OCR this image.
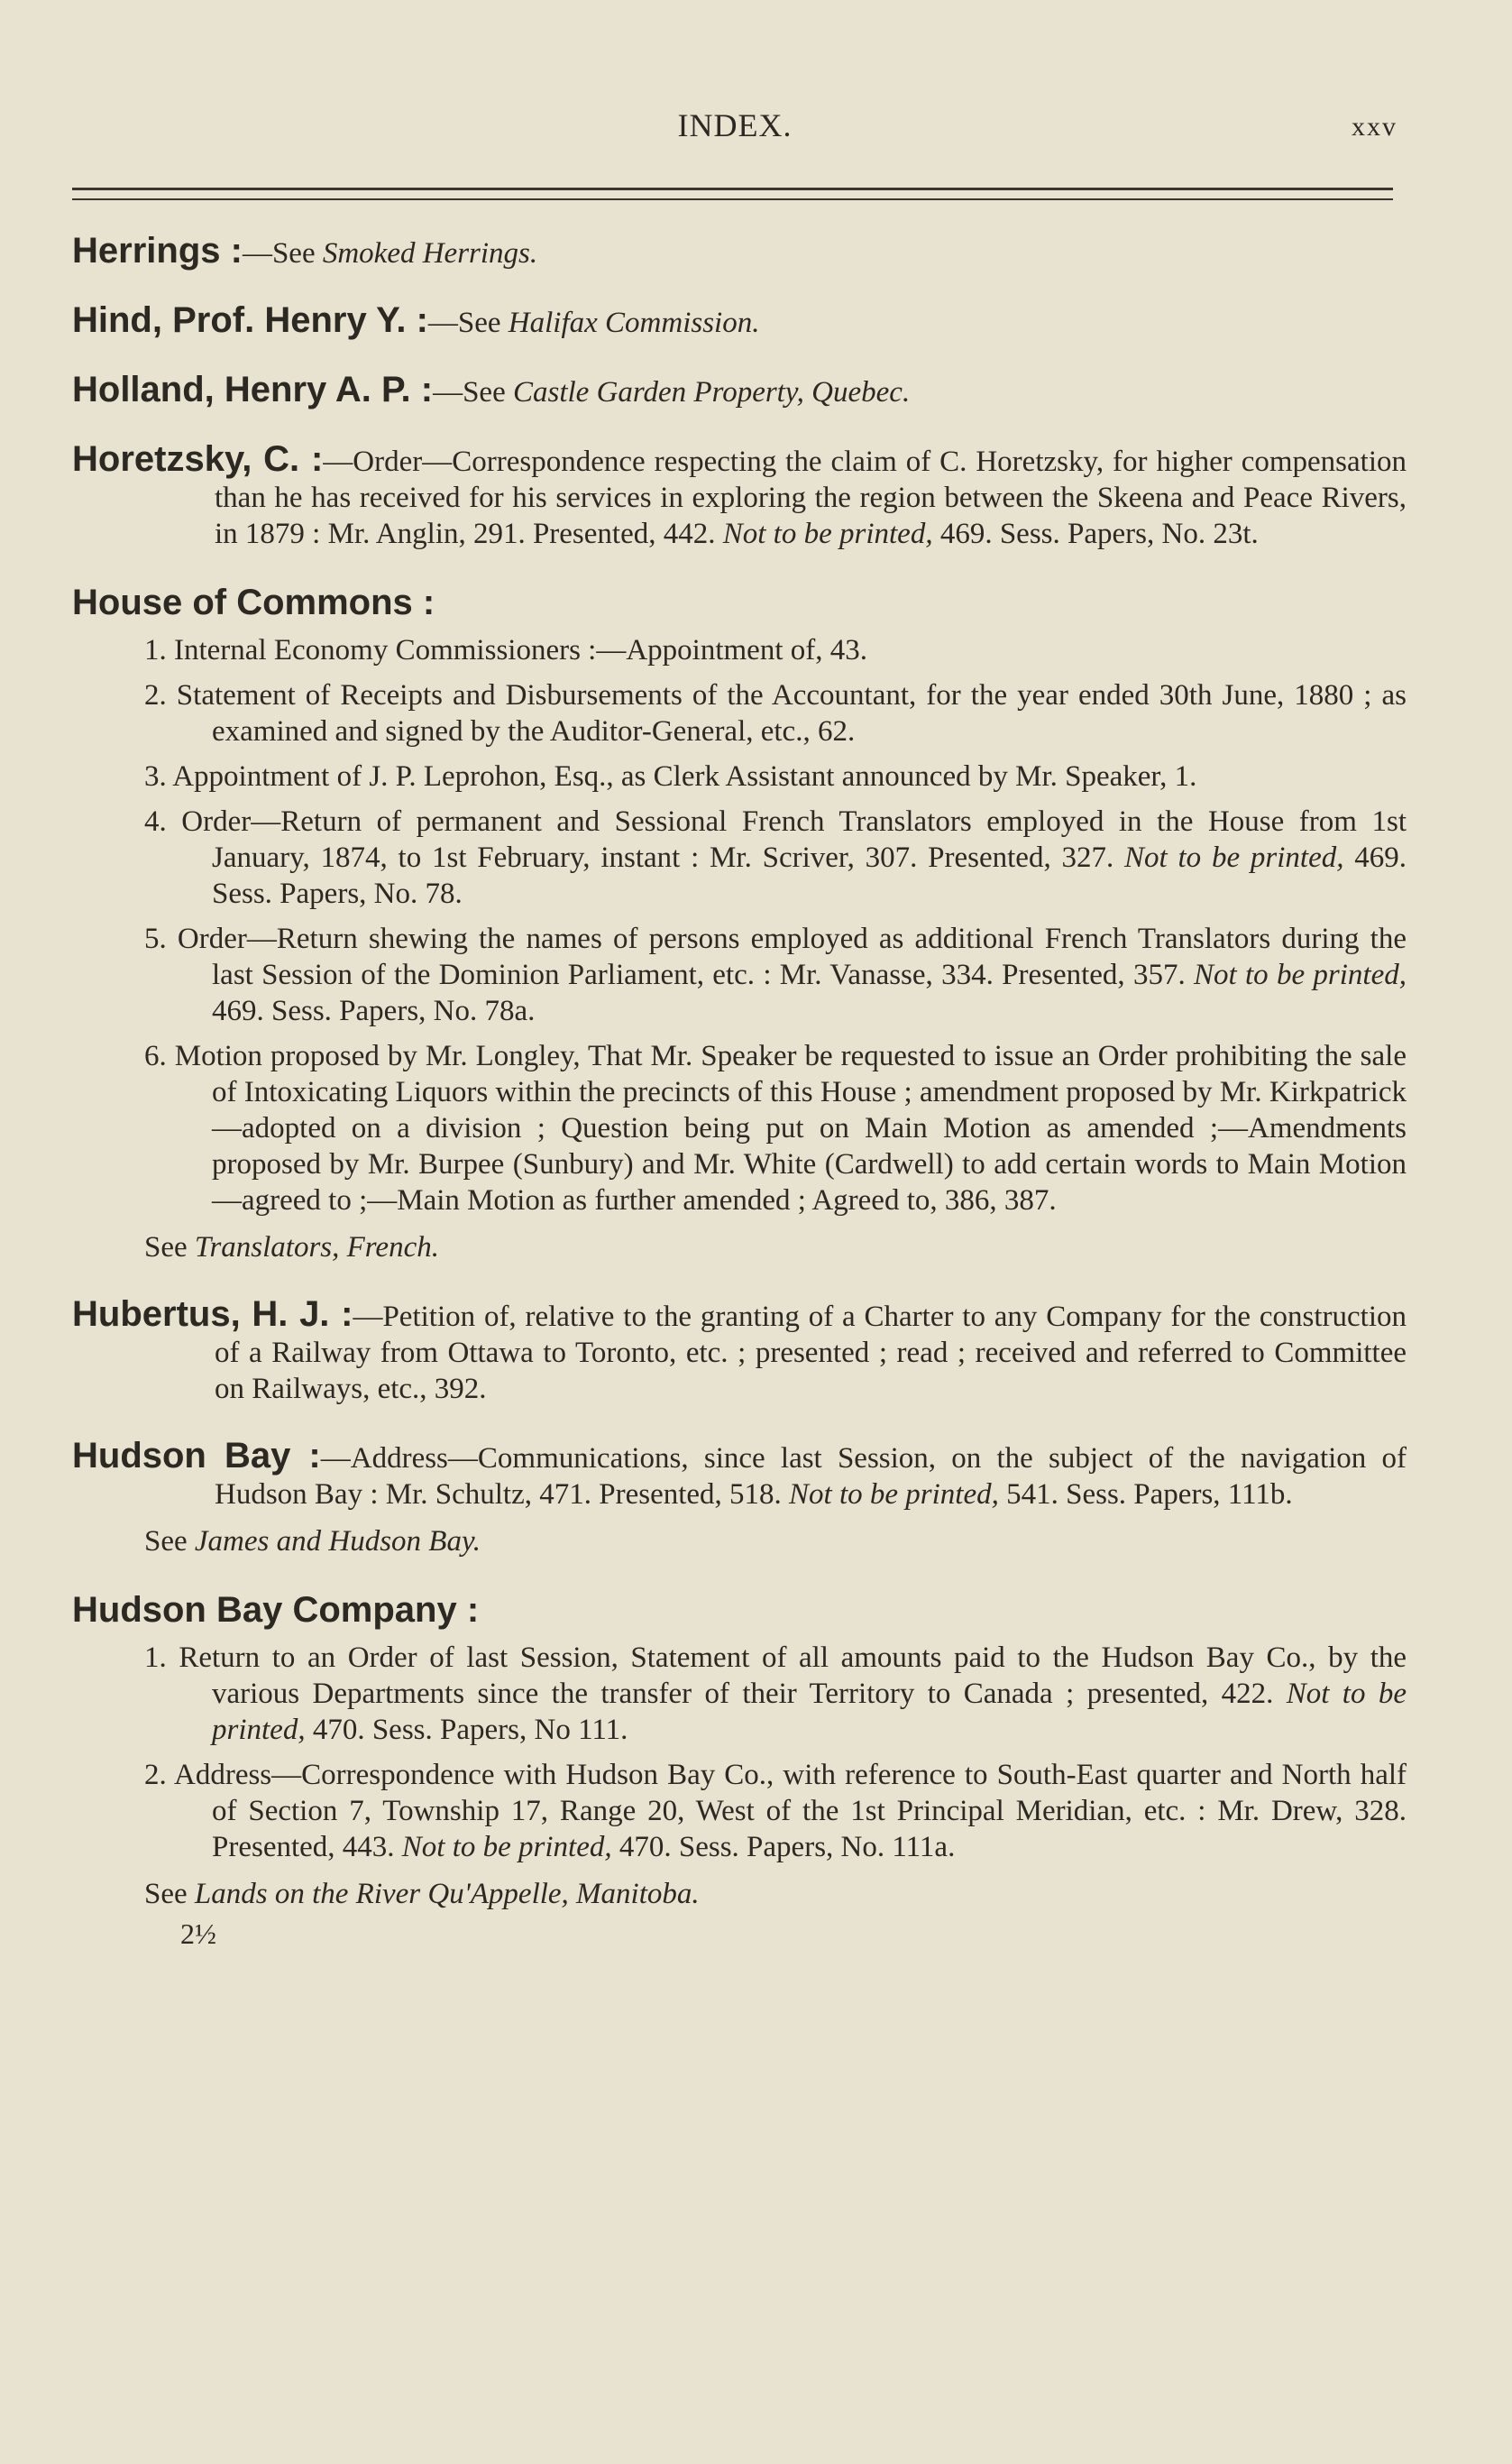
INDEX.	xxv
Herrings :—See Smoked Herrings.
Hind, Prof. Henry Y. :—See Halifax Commission.
Holland, Henry A. P. :—See Castle Garden Property, Quebec.
Horetzsky, C. :—Order—Correspondence respecting the claim of C. Horetzsky, for higher compensation than he has received for his services in exploring the region between the Skeena and Peace Rivers, in 1879 : Mr. Anglin, 291. Presented, 442. Not to be printed, 469. Sess. Papers, No. 23t.
House of Commons :
1. Internal Economy Commissioners :—Appointment of, 43.
2. Statement of Receipts and Disbursements of the Accountant, for the year ended 30th June, 1880 ; as examined and signed by the Auditor-General, etc., 62.
3. Appointment of J. P. Leprohon, Esq., as Clerk Assistant announced by Mr. Speaker, 1.
4. Order—Return of permanent and Sessional French Translators employed in the House from 1st January, 1874, to 1st February, instant : Mr. Scriver, 307. Presented, 327. Not to be printed, 469. Sess. Papers, No. 78.
5. Order—Return shewing the names of persons employed as additional French Translators during the last Session of the Dominion Parliament, etc. : Mr. Vanasse, 334. Presented, 357. Not to be printed, 469. Sess. Papers, No. 78a.
6. Motion proposed by Mr. Longley, That Mr. Speaker be requested to issue an Order prohibiting the sale of Intoxicating Liquors within the precincts of this House ; amendment proposed by Mr. Kirkpatrick—adopted on a division ; Question being put on Main Motion as amended ;—Amendments proposed by Mr. Burpee (Sunbury) and Mr. White (Cardwell) to add certain words to Main Motion—agreed to ;—Main Motion as further amended ; Agreed to, 386, 387.
See Translators, French.
Hubertus, H. J. :—Petition of, relative to the granting of a Charter to any Company for the construction of a Railway from Ottawa to Toronto, etc. ; presented ; read ; received and referred to Committee on Railways, etc., 392.
Hudson Bay :—Address—Communications, since last Session, on the subject of the navigation of Hudson Bay : Mr. Schultz, 471. Presented, 518. Not to be printed, 541. Sess. Papers, 111b.
See James and Hudson Bay.
Hudson Bay Company :
1. Return to an Order of last Session, Statement of all amounts paid to the Hudson Bay Co., by the various Departments since the transfer of their Territory to Canada ; presented, 422. Not to be printed, 470. Sess. Papers, No 111.
2. Address—Correspondence with Hudson Bay Co., with reference to South-East quarter and North half of Section 7, Township 17, Range 20, West of the 1st Principal Meridian, etc. : Mr. Drew, 328. Presented, 443. Not to be printed, 470. Sess. Papers, No. 111a.
See Lands on the River Qu'Appelle, Manitoba.
2½
